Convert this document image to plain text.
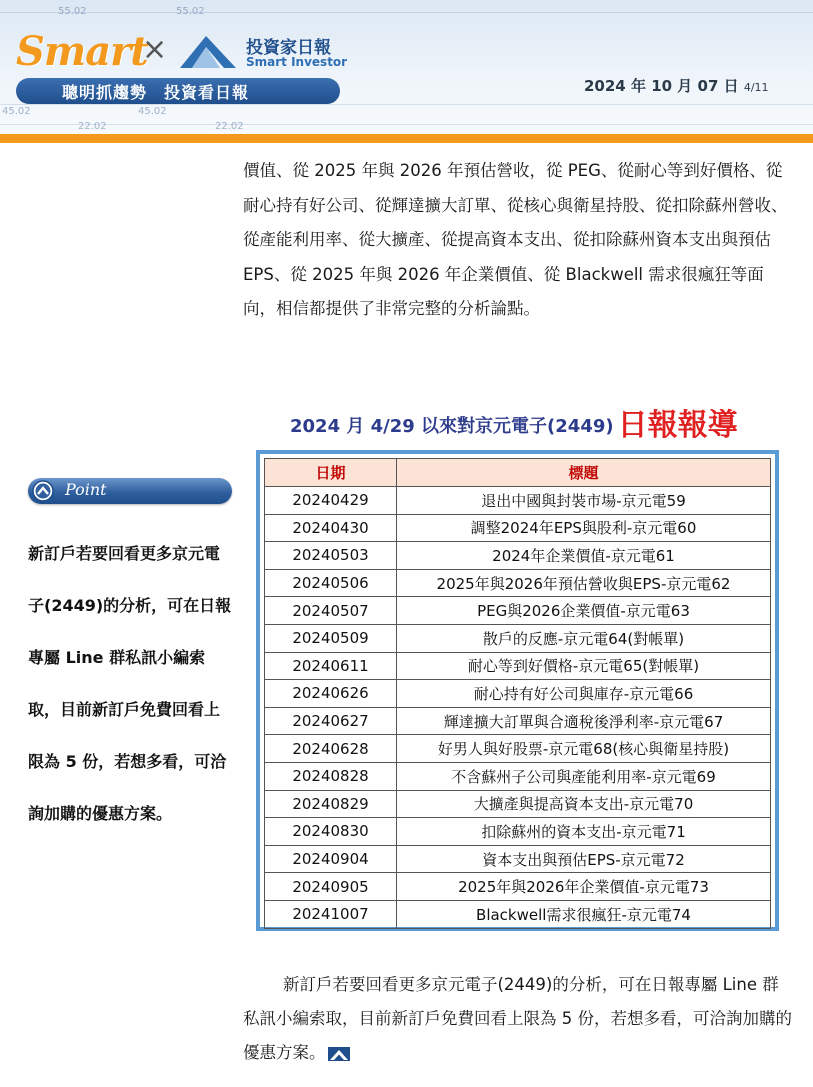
55.02	55.02
45.02	45.02
22.02	22.02
Smart
×	投資家日報
Smart Investor
聰明抓趨勢　投資看日報	2024 年 10 月 07 日 4/11

價值、從 2025 年與 2026 年預估營收，從 PEG、從耐心等到好價格、從耐心持有好公司、從輝達擴大訂單、從核心與衛星持股、從扣除蘇州營收、從產能利用率、從大擴產、從提高資本支出、從扣除蘇州資本支出與預估 EPS、從 2025 年與 2026 年企業價值、從 Blackwell 需求很瘋狂等面向，相信都提供了非常完整的分析論點。

2024 月 4/29 以來對京元電子(2449) 日報報導
日期	標題
20240429	退出中國與封裝市場-京元電59
20240430	調整2024年EPS與股利-京元電60
20240503	2024年企業價值-京元電61
20240506	2025年與2026年預估營收與EPS-京元電62
20240507	PEG與2026企業價值-京元電63
20240509	散戶的反應-京元電64(對帳單)
20240611	耐心等到好價格-京元電65(對帳單)
20240626	耐心持有好公司與庫存-京元電66
20240627	輝達擴大訂單與合適稅後淨利率-京元電67
20240628	好男人與好股票-京元電68(核心與衛星持股)
20240828	不含蘇州子公司與產能利用率-京元電69
20240829	大擴產與提高資本支出-京元電70
20240830	扣除蘇州的資本支出-京元電71
20240904	資本支出與預估EPS-京元電72
20240905	2025年與2026年企業價值-京元電73
20241007	Blackwell需求很瘋狂-京元電74
Point

新訂戶若要回看更多京元電子(2449)的分析，可在日報專屬 Line 群私訊小編索取，目前新訂戶免費回看上限為 5 份，若想多看，可洽詢加購的優惠方案。

新訂戶若要回看更多京元電子(2449)的分析，可在日報專屬 Line 群私訊小編索取，目前新訂戶免費回看上限為 5 份，若想多看，可洽詢加購的優惠方案。
